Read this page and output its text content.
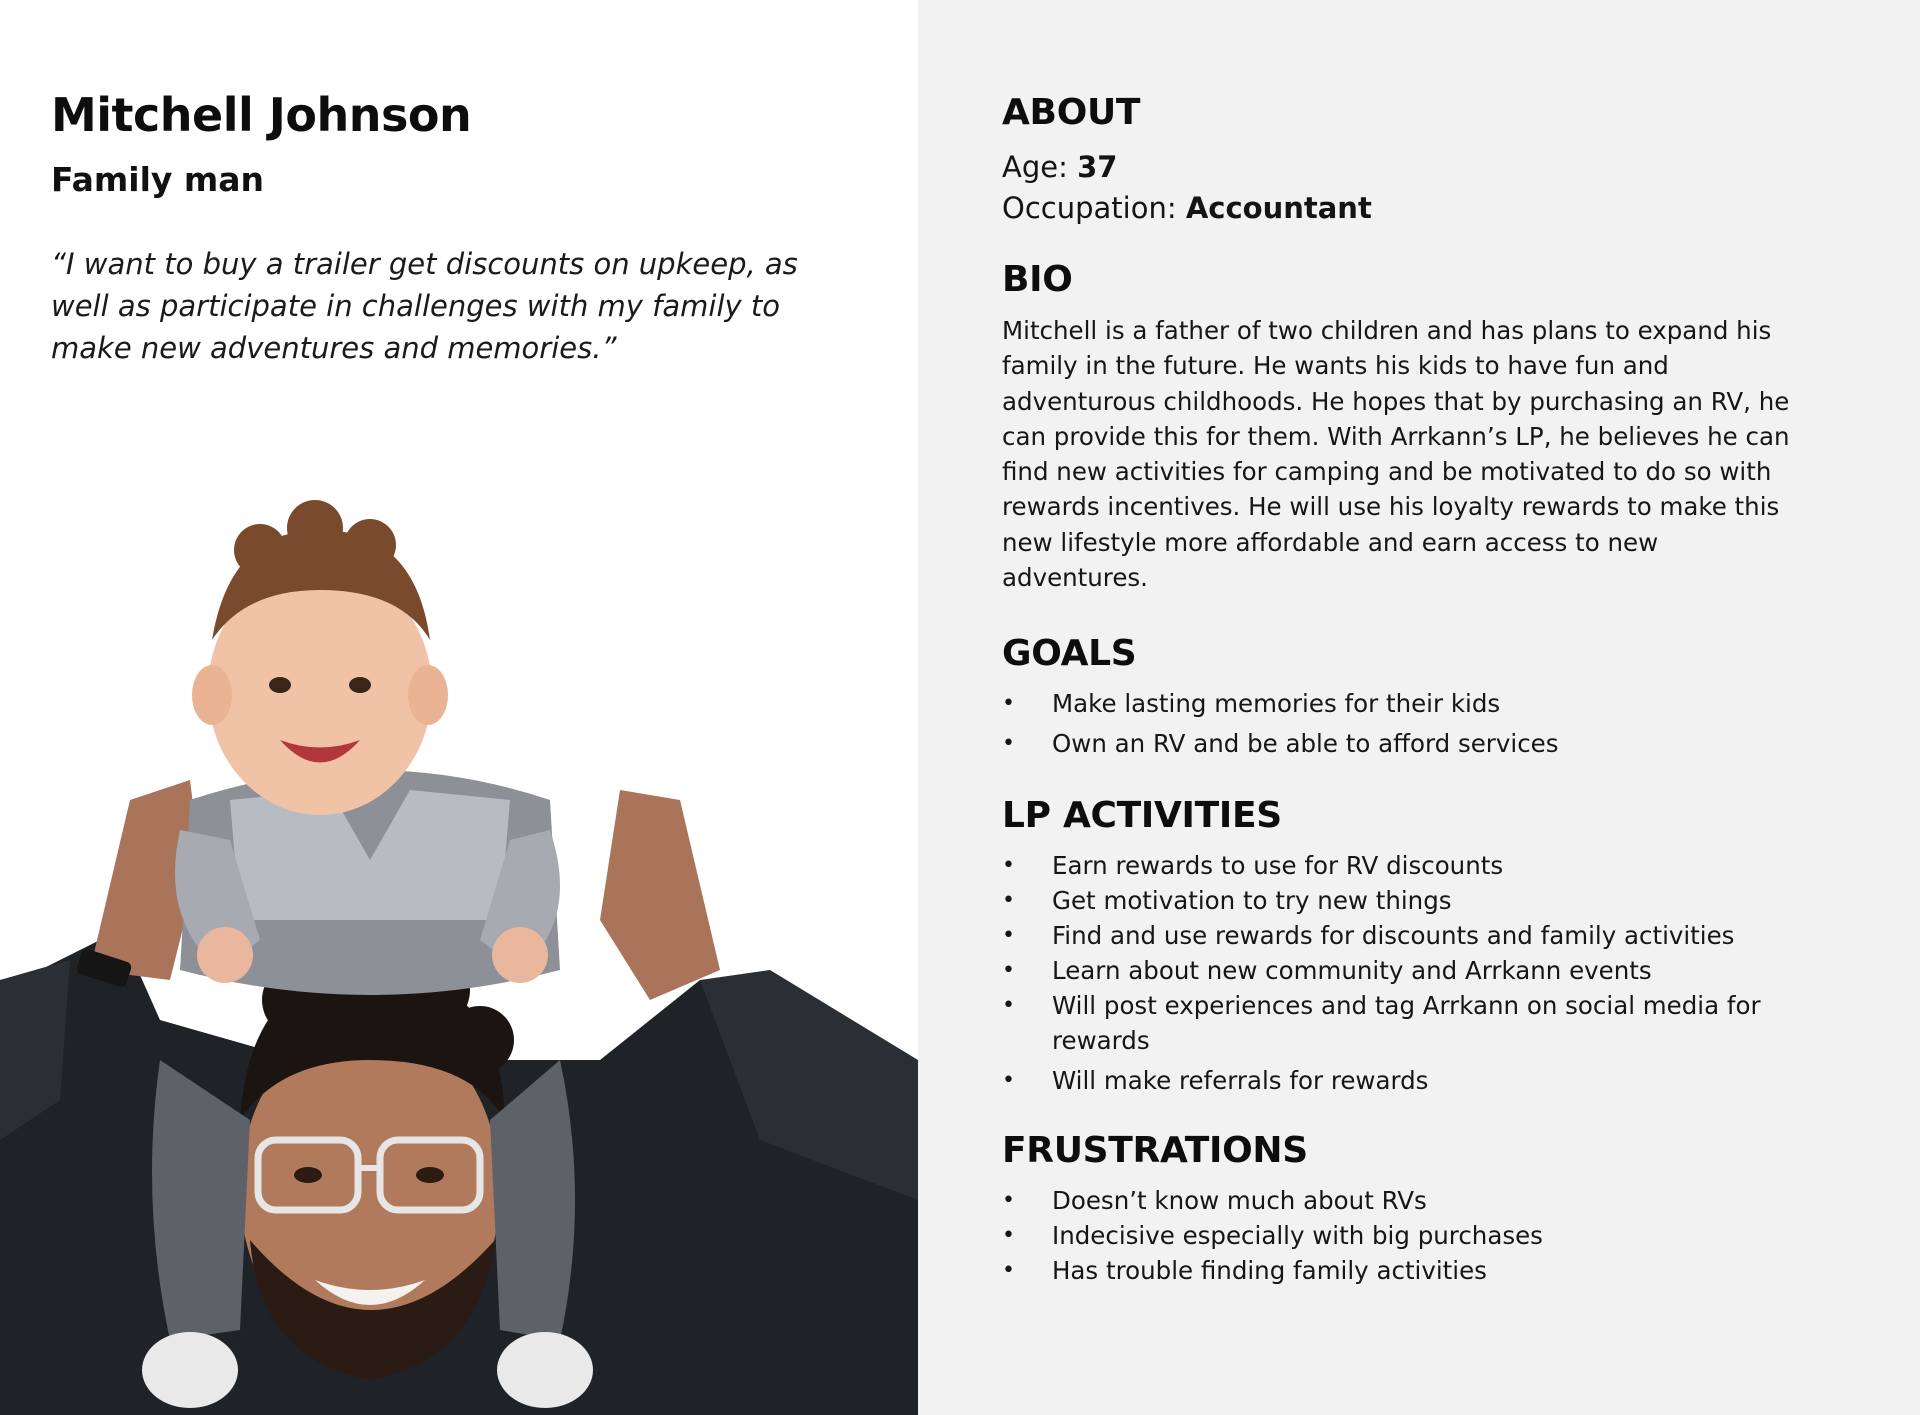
Mitchell Johnson
Family man

“I want to buy a trailer get discounts on upkeep, as well as participate in challenges with my family to make new adventures and memories.”

ABOUT

Age: 37

Occupation: Accountant

BIO

Mitchell is a father of two children and has plans to expand his family in the future. He wants his kids to have fun and adventurous childhoods. He hopes that by purchasing an RV, he can provide this for them. With Arrkann’s LP, he believes he can find new activities for camping and be motivated to do so with rewards incentives. He will use his loyalty rewards to make this new lifestyle more affordable and earn access to new adventures.

GOALS
• Make lasting memories for their kids
• Own an RV and be able to afford services
LP ACTIVITIES
• Earn rewards to use for RV discounts
• Get motivation to try new things
• Find and use rewards for discounts and family activities
• Learn about new community and Arrkann events
• Will post experiences and tag Arrkann on social media for rewards
• Will make referrals for rewards
FRUSTRATIONS
• Doesn’t know much about RVs
• Indecisive especially with big purchases
• Has trouble finding family activities
